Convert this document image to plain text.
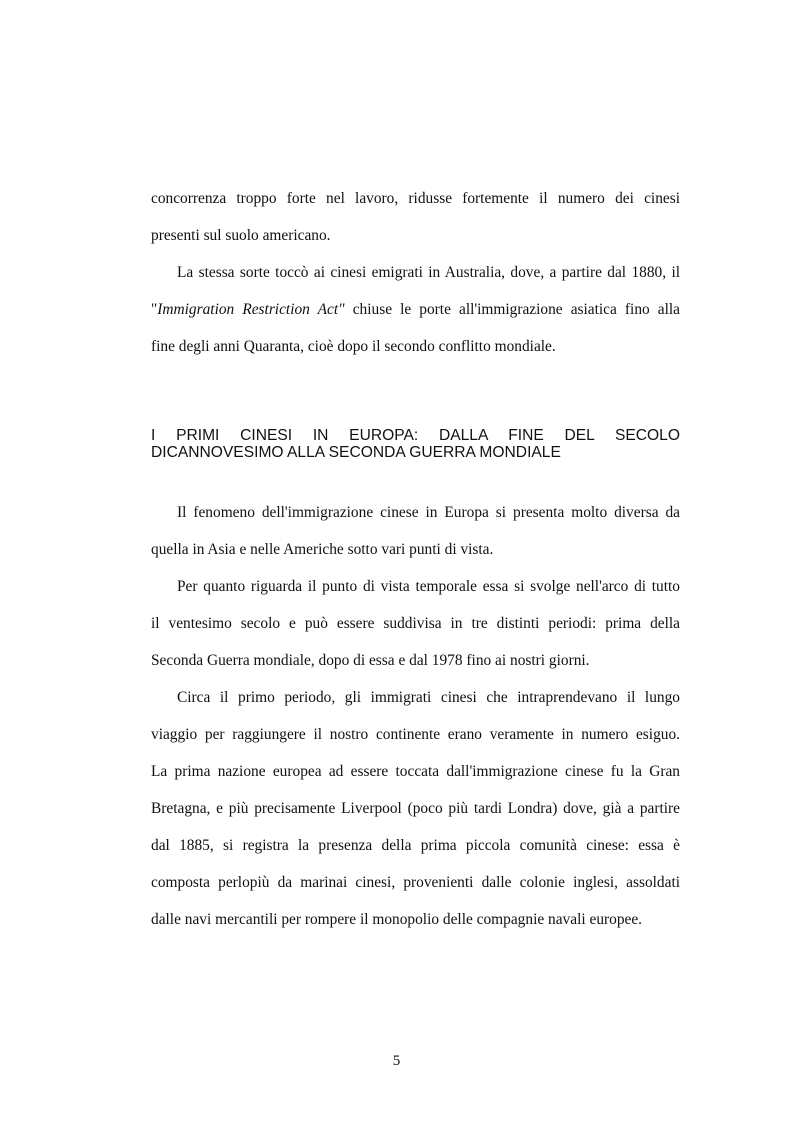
concorrenza troppo forte nel lavoro, ridusse fortemente il numero dei cinesi
presenti sul suolo americano.
La stessa sorte toccò ai cinesi emigrati in Australia, dove, a partire dal 1880, il
"Immigration Restriction Act" chiuse le porte all'immigrazione asiatica fino alla
fine degli anni Quaranta, cioè dopo il secondo conflitto mondiale.
I PRIMI CINESI IN EUROPA: DALLA FINE DEL SECOLO
DICANNOVESIMO ALLA SECONDA GUERRA MONDIALE
Il fenomeno dell'immigrazione cinese in Europa si presenta molto diversa da
quella in Asia e nelle Americhe sotto vari punti di vista.
Per quanto riguarda il punto di vista temporale essa si svolge nell'arco di tutto
il ventesimo secolo e può essere suddivisa in tre distinti periodi: prima della
Seconda Guerra mondiale, dopo di essa e dal 1978 fino ai nostri giorni.
Circa il primo periodo, gli immigrati cinesi che intraprendevano il lungo
viaggio per raggiungere il nostro continente erano veramente in numero esiguo.
La prima nazione europea ad essere toccata dall'immigrazione cinese fu la Gran
Bretagna, e più precisamente Liverpool (poco più tardi Londra) dove, già a partire
dal 1885, si registra la presenza della prima piccola comunità cinese: essa è
composta perlopiù da marinai cinesi, provenienti dalle colonie inglesi, assoldati
dalle navi mercantili per rompere il monopolio delle compagnie navali europee.
5
